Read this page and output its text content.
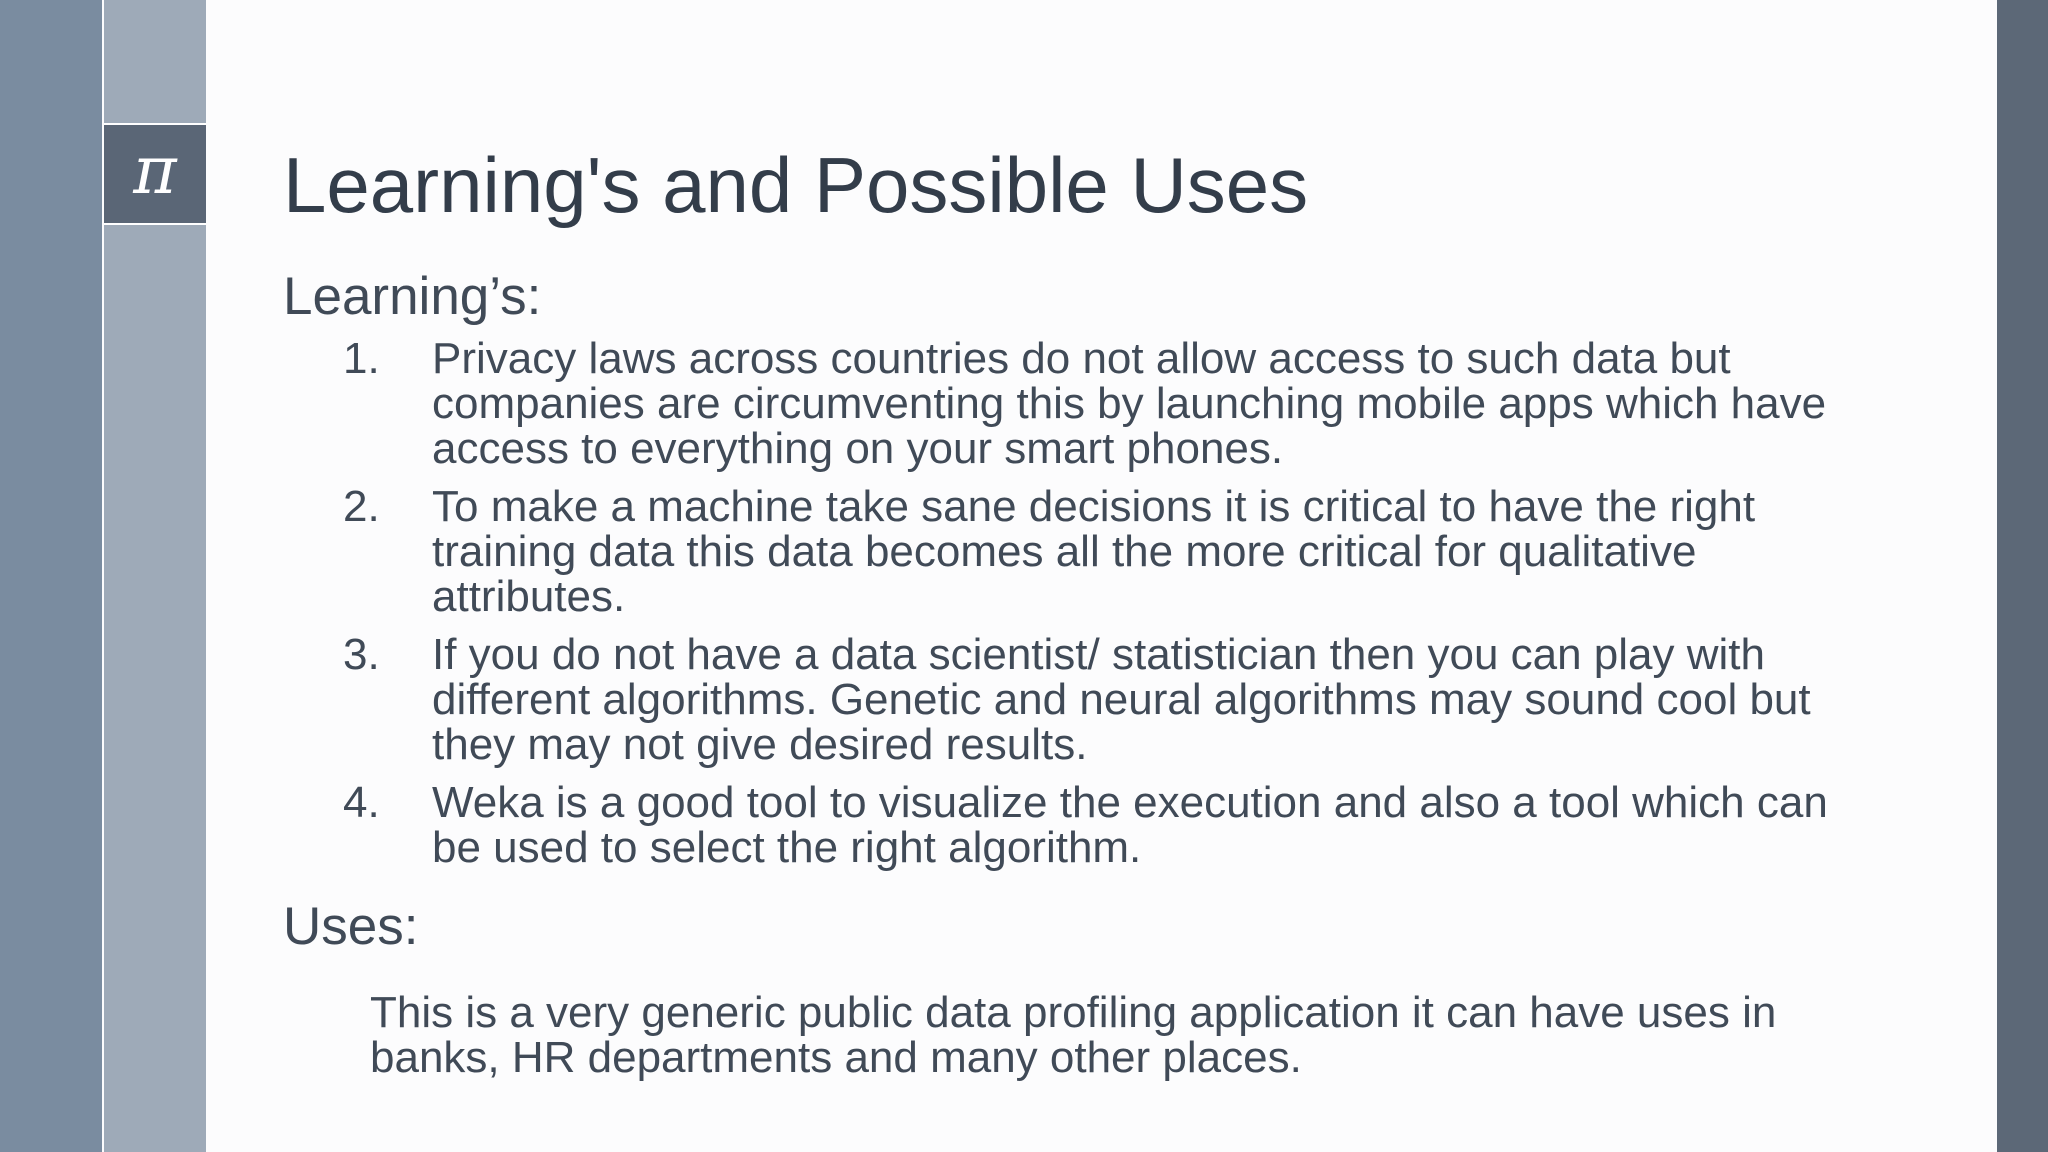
π Learning's and Possible Uses
Learning’s:
1. Privacy laws across countries do not allow access to such data but companies are circumventing this by launching mobile apps which have access to everything on your smart phones.
2. To make a machine take sane decisions it is critical to have the right training data this data becomes all the more critical for qualitative attributes.
3. If you do not have a data scientist/ statistician then you can play with different algorithms. Genetic and neural algorithms may sound cool but they may not give desired results.
4. Weka is a good tool to visualize the execution and also a tool which can be used to select the right algorithm.
Uses:
This is a very generic public data profiling application it can have uses in banks, HR departments and many other places.
